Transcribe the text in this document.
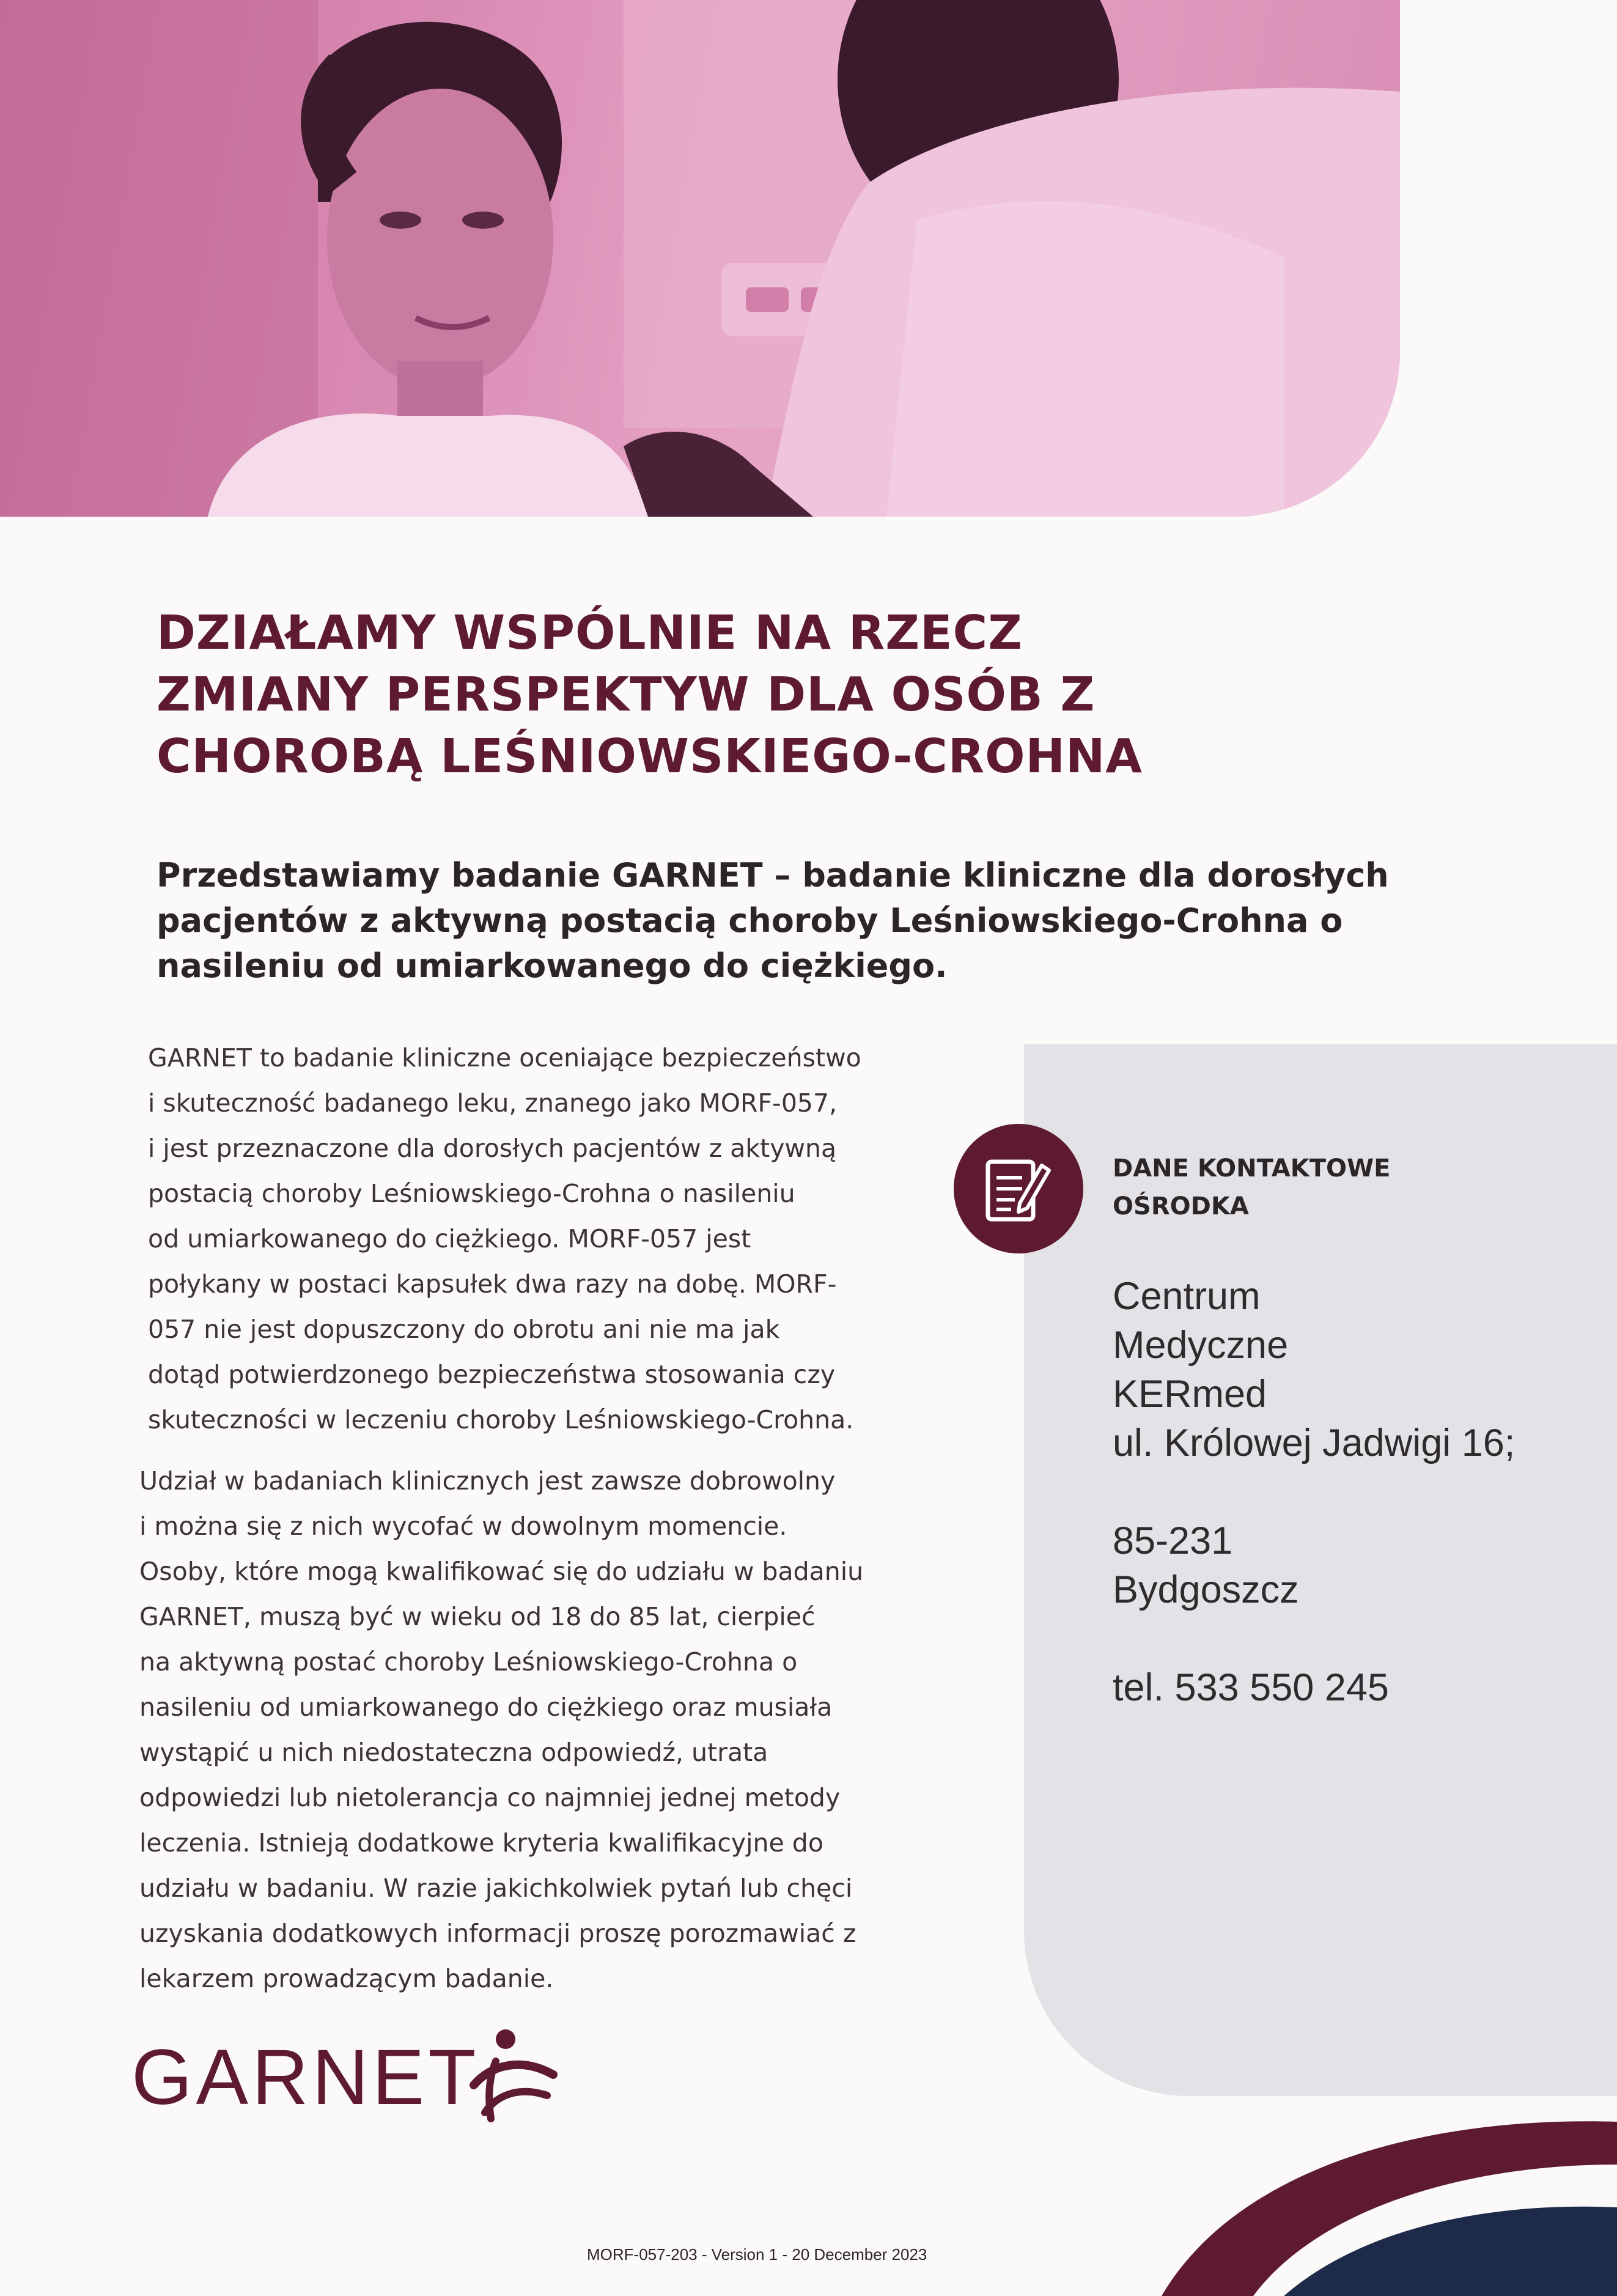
DZIAŁAMY WSPÓLNIE NA RZECZ
ZMIANY PERSPEKTYW DLA OSÓB Z
CHOROBĄ LEŚNIOWSKIEGO-CROHNA
Przedstawiamy badanie GARNET – badanie kliniczne dla dorosłych
pacjentów z aktywną postacią choroby Leśniowskiego-Crohna o
nasileniu od umiarkowanego do ciężkiego.

GARNET to badanie kliniczne oceniające bezpieczeństwo
i skuteczność badanego leku, znanego jako MORF-057,
i jest przeznaczone dla dorosłych pacjentów z aktywną
postacią choroby Leśniowskiego-Crohna o nasileniu
od umiarkowanego do ciężkiego. MORF-057 jest
połykany w postaci kapsułek dwa razy na dobę. MORF-
057 nie jest dopuszczony do obrotu ani nie ma jak
dotąd potwierdzonego bezpieczeństwa stosowania czy
skuteczności w leczeniu choroby Leśniowskiego-Crohna.

Udział w badaniach klinicznych jest zawsze dobrowolny
i można się z nich wycofać w dowolnym momencie.
Osoby, które mogą kwalifikować się do udziału w badaniu
GARNET, muszą być w wieku od 18 do 85 lat, cierpieć
na aktywną postać choroby Leśniowskiego-Crohna o
nasileniu od umiarkowanego do ciężkiego oraz musiała
wystąpić u nich niedostateczna odpowiedź, utrata
odpowiedzi lub nietolerancja co najmniej jednej metody
leczenia. Istnieją dodatkowe kryteria kwalifikacyjne do
udziału w badaniu. W razie jakichkolwiek pytań lub chęci
uzyskania dodatkowych informacji proszę porozmawiać z
lekarzem prowadzącym badanie.

DANE KONTAKTOWE
OŚRODKA
Centrum
Medyczne
KERmed
ul. Królowej Jadwigi 16;
85-231
Bydgoszcz
tel. 533 550 245
GARNET

MORF-057-203 - Version 1 - 20 December 2023
